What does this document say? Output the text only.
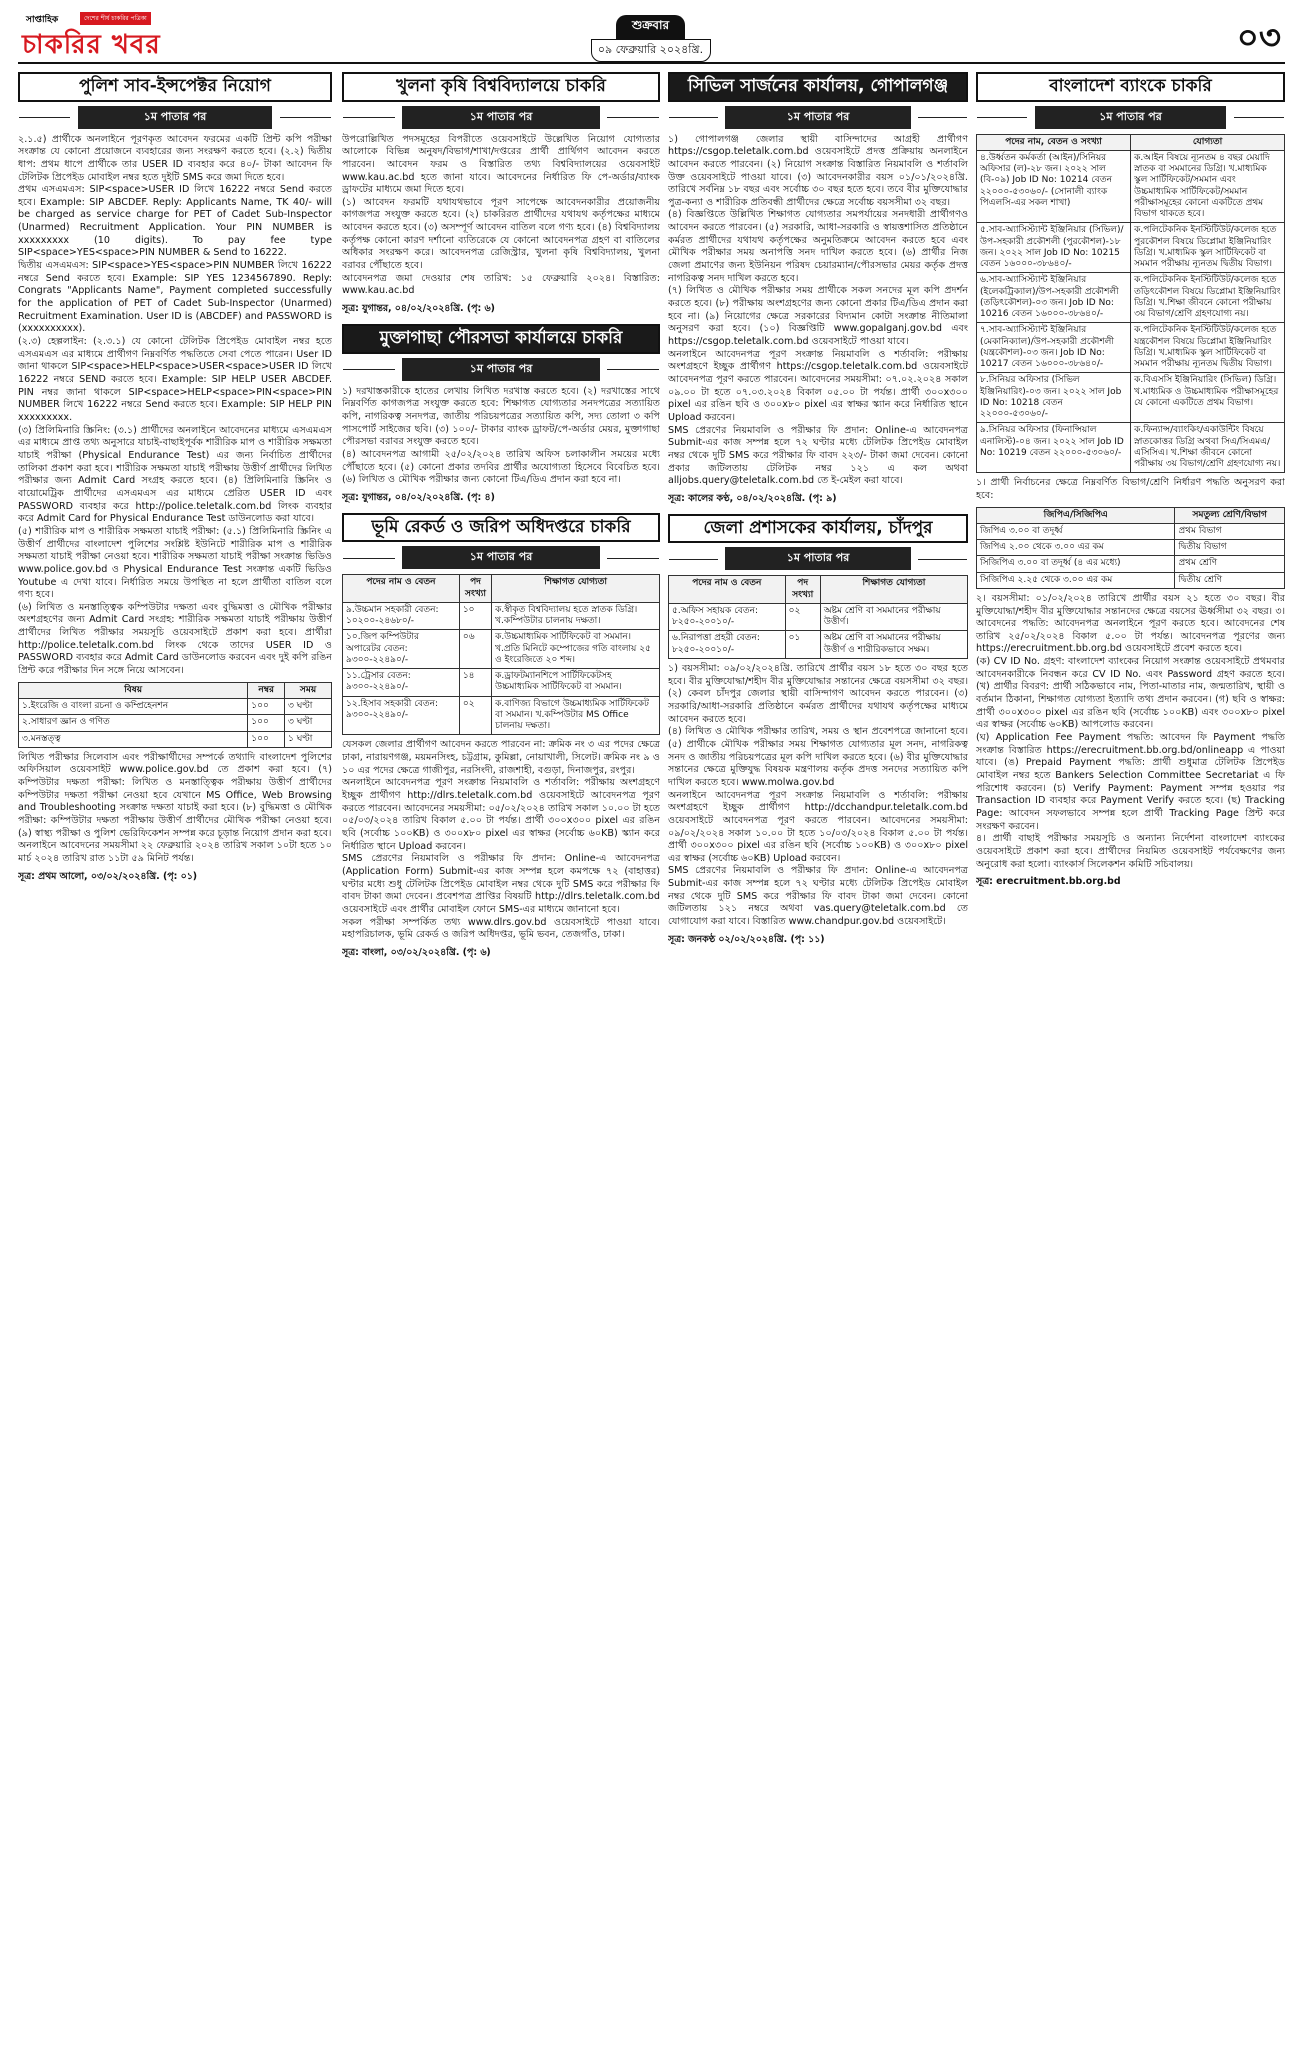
সাপ্তাহিক	দেশের শীর্ষ চাকরির পত্রিকা
চাকরির খবর
শুক্রবার
০৯ ফেব্রুয়ারি ২০২৪খ্রি.	০৩
পুলিশ সাব-ইন্সপেক্টর নিয়োগ
১ম পাতার পর

২.১.৫) প্রার্থীকে অনলাইনে পূরণকৃত আবেদন ফরমের একটি প্রিন্ট কপি পরীক্ষা সংক্রান্ত যে কোনো প্রয়োজনে ব্যবহারের জন্য সংরক্ষণ করতে হবে। (২.২) দ্বিতীয় ধাপ: প্রথম ধাপে প্রার্থীকে তার USER ID ব্যবহার করে ৪০/- টাকা আবেদন ফি টেলিটক প্রিপেইড মোবাইল নম্বর হতে দুইটি SMS করে জমা দিতে হবে।

প্রথম এসএমএস: SIP<space>USER ID লিখে 16222 নম্বরে Send করতে হবে। Example: SIP ABCDEF. Reply: Applicants Name, TK 40/- will be charged as service charge for PET of Cadet Sub-Inspector (Unarmed) Recruitment Application. Your PIN NUMBER is xxxxxxxxx (10 digits). To pay fee type SIP<space>YES<space>PIN NUMBER & Send to 16222.

দ্বিতীয় এসএমএস: SIP<space>YES<space>PIN NUMBER লিখে 16222 নম্বরে Send করতে হবে। Example: SIP YES 1234567890. Reply: Congrats "Applicants Name", Payment completed successfully for the application of PET of Cadet Sub-Inspector (Unarmed) Recruitment Examination. User ID is (ABCDEF) and PASSWORD is (xxxxxxxxxx).

(২.৩) হেল্পলাইন: (২.৩.১) যে কোনো টেলিটক প্রিপেইড মোবাইল নম্বর হতে এসএমএস এর মাধ্যমে প্রার্থীগণ নিম্নবর্ণিত পদ্ধতিতে সেবা পেতে পারেন। User ID জানা থাকলে SIP<space>HELP<space>USER<space>USER ID লিখে 16222 নম্বরে SEND করতে হবে। Example: SIP HELP USER ABCDEF. PIN নম্বর জানা থাকলে SIP<space>HELP<space>PIN<space>PIN NUMBER লিখে 16222 নম্বরে Send করতে হবে। Example: SIP HELP PIN xxxxxxxxx.

(৩) প্রিলিমিনারি স্ক্রিনিং: (৩.১) প্রার্থীদের অনলাইনে আবেদনের মাধ্যমে এসএমএস এর মাধ্যমে প্রাপ্ত তথ্য অনুসারে যাচাই-বাছাইপূর্বক শারীরিক মাপ ও শারীরিক সক্ষমতা যাচাই পরীক্ষা (Physical Endurance Test) এর জন্য নির্বাচিত প্রার্থীদের তালিকা প্রকাশ করা হবে। শারীরিক সক্ষমতা যাচাই পরীক্ষায় উত্তীর্ণ প্রার্থীদের লিখিত পরীক্ষার জন্য Admit Card সংগ্রহ করতে হবে। (৪) প্রিলিমিনারি স্ক্রিনিং ও বায়োমেট্রিক প্রার্থীদের এসএমএস এর মাধ্যমে প্রেরিত USER ID এবং PASSWORD ব্যবহার করে http://police.teletalk.com.bd লিংক ব্যবহার করে Admit Card for Physical Endurance Test ডাউনলোড করা যাবে।

(৫) শারীরিক মাপ ও শারীরিক সক্ষমতা যাচাই পরীক্ষা: (৫.১) প্রিলিমিনারি স্ক্রিনিং এ উত্তীর্ণ প্রার্থীদের বাংলাদেশ পুলিশের সংশ্লিষ্ট ইউনিটে শারীরিক মাপ ও শারীরিক সক্ষমতা যাচাই পরীক্ষা নেওয়া হবে। শারীরিক সক্ষমতা যাচাই পরীক্ষা সংক্রান্ত ভিডিও www.police.gov.bd ও Physical Endurance Test সংক্রান্ত একটি ভিডিও Youtube এ দেখা যাবে। নির্ধারিত সময়ে উপস্থিত না হলে প্রার্থীতা বাতিল বলে গণ্য হবে।

(৬) লিখিত ও মনস্তাত্ত্বিক কম্পিউটার দক্ষতা এবং বুদ্ধিমত্তা ও মৌখিক পরীক্ষার অংশগ্রহণের জন্য Admit Card সংগ্রহ: শারীরিক সক্ষমতা যাচাই পরীক্ষায় উত্তীর্ণ প্রার্থীদের লিখিত পরীক্ষার সময়সূচি ওয়েবসাইটে প্রকাশ করা হবে। প্রার্থীরা http://police.teletalk.com.bd লিংক থেকে তাদের USER ID ও PASSWORD ব্যবহার করে Admit Card ডাউনলোড করবেন এবং দুই কপি রঙিন প্রিন্ট করে পরীক্ষার দিন সঙ্গে নিয়ে আসবেন।

বিষয়	নম্বর	সময়
১.ইংরেজি ও বাংলা রচনা ও কম্প্রিহেনশন	১০০	৩ ঘণ্টা
২.সাধারণ জ্ঞান ও গণিত	১০০	৩ ঘণ্টা
৩.মনস্তত্ত্ব	১০০	১ ঘণ্টা

লিখিত পরীক্ষার সিলেবাস এবং পরীক্ষার্থীদের সম্পর্কে তথ্যাদি বাংলাদেশ পুলিশের অফিসিয়াল ওয়েবসাইট www.police.gov.bd তে প্রকাশ করা হবে। (৭) কম্পিউটার দক্ষতা পরীক্ষা: লিখিত ও মনস্তাত্ত্বিক পরীক্ষায় উত্তীর্ণ প্রার্থীদের কম্পিউটার দক্ষতা পরীক্ষা নেওয়া হবে যেখানে MS Office, Web Browsing and Troubleshooting সংক্রান্ত দক্ষতা যাচাই করা হবে। (৮) বুদ্ধিমত্তা ও মৌখিক পরীক্ষা: কম্পিউটার দক্ষতা পরীক্ষায় উত্তীর্ণ প্রার্থীদের মৌখিক পরীক্ষা নেওয়া হবে। (৯) স্বাস্থ্য পরীক্ষা ও পুলিশ ভেরিফিকেশন সম্পন্ন করে চূড়ান্ত নিয়োগ প্রদান করা হবে।

অনলাইনে আবেদনের সময়সীমা ২২ ফেব্রুয়ারি ২০২৪ তারিখ সকাল ১০টা হতে ১০ মার্চ ২০২৪ তারিখ রাত ১১টা ৫৯ মিনিট পর্যন্ত।

সূত্র: প্রথম আলো, ০৩/০২/২০২৪খ্রি. (পৃ: ০১)

খুলনা কৃষি বিশ্ববিদ্যালয়ে চাকরি
১ম পাতার পর

উপরোল্লিখিত পদসমূহের বিপরীতে ওয়েবসাইটে উল্লেখিত নিয়োগ যোগ্যতার আলোকে বিভিন্ন অনুষদ/বিভাগ/শাখা/দপ্তরের প্রার্থী প্রার্থিগণ আবেদন করতে পারবেন। আবেদন ফরম ও বিস্তারিত তথ্য বিশ্ববিদ্যালয়ের ওয়েবসাইট www.kau.ac.bd হতে জানা যাবে। আবেদনের নির্ধারিত ফি পে-অর্ডার/ব্যাংক ড্রাফটের মাধ্যমে জমা দিতে হবে।

(১) আবেদন ফরমটি যথাযথভাবে পূরণ সাপেক্ষে আবেদনকারীর প্রয়োজনীয় কাগজপত্র সংযুক্ত করতে হবে। (২) চাকরিরত প্রার্থীদের যথাযথ কর্তৃপক্ষের মাধ্যমে আবেদন করতে হবে। (৩) অসম্পূর্ণ আবেদন বাতিল বলে গণ্য হবে। (৪) বিশ্ববিদ্যালয় কর্তৃপক্ষ কোনো কারণ দর্শানো ব্যতিরেকে যে কোনো আবেদনপত্র গ্রহণ বা বাতিলের অধিকার সংরক্ষণ করে। আবেদনপত্র রেজিস্ট্রার, খুলনা কৃষি বিশ্ববিদ্যালয়, খুলনা বরাবর পৌঁছাতে হবে।

আবেদনপত্র জমা দেওয়ার শেষ তারিখ: ১৫ ফেব্রুয়ারি ২০২৪। বিস্তারিত: www.kau.ac.bd

সূত্র: যুগান্তর, ০৪/০২/২০২৪খ্রি. (পৃ: ৬)

মুক্তাগাছা পৌরসভা কার্যালয়ে চাকরি
১ম পাতার পর

১) দরখাস্তকারীকে হাতের লেখায় লিখিত দরখাস্ত করতে হবে। (২) দরখাস্তের সাথে নিম্নবর্ণিত কাগজপত্র সংযুক্ত করতে হবে: শিক্ষাগত যোগ্যতার সনদপত্রের সত্যায়িত কপি, নাগরিকত্ব সনদপত্র, জাতীয় পরিচয়পত্রের সত্যায়িত কপি, সদ্য তোলা ৩ কপি পাসপোর্ট সাইজের ছবি। (৩) ১০০/- টাকার ব্যাংক ড্রাফট/পে-অর্ডার মেয়র, মুক্তাগাছা পৌরসভা বরাবর সংযুক্ত করতে হবে।

(৪) আবেদনপত্র আগামী ২৫/০২/২০২৪ তারিখ অফিস চলাকালীন সময়ের মধ্যে পৌঁছাতে হবে। (৫) কোনো প্রকার তদবির প্রার্থীর অযোগ্যতা হিসেবে বিবেচিত হবে। (৬) লিখিত ও মৌখিক পরীক্ষার জন্য কোনো টিএ/ডিএ প্রদান করা হবে না।

সূত্র: যুগান্তর, ০৪/০২/২০২৪খ্রি. (পৃ: ৪)

ভূমি রেকর্ড ও জরিপ অধিদপ্তরে চাকরি
১ম পাতার পর
পদের নাম ও বেতন	পদ সংখ্যা	শিক্ষাগত যোগ্যতা
৯.উচ্চমান সহকারী বেতন: ১০২০০-২৪৬৮০/-	১০	ক.স্বীকৃত বিশ্ববিদ্যালয় হতে স্নাতক ডিগ্রি। খ.কম্পিউটার চালনায় দক্ষতা।
১০.জিপ কম্পিউটার অপারেটর বেতন: ৯৩০০-২২৪৯০/-	০৬	ক.উচ্চমাধ্যমিক সার্টিফিকেট বা সমমান। খ.প্রতি মিনিটে কম্পোজের গতি বাংলায় ২৫ ও ইংরেজিতে ২০ শব্দ।
১১.ট্রেসার বেতন: ৯৩০০-২২৪৯০/-	১৪	ক.ড্রাফটম্যানশিপে সার্টিফিকেটসহ উচ্চমাধ্যমিক সার্টিফিকেট বা সমমান।
১২.হিসাব সহকারী বেতন: ৯৩০০-২২৪৯০/-	০২	ক.বাণিজ্য বিভাগে উচ্চমাধ্যমিক সার্টিফিকেট বা সমমান। খ.কম্পিউটার MS Office চালনায় দক্ষতা।

যেসকল জেলার প্রার্থীগণ আবেদন করতে পারবেন না: ক্রমিক নং ৩ এর পদের ক্ষেত্রে ঢাকা, নারায়ণগঞ্জ, ময়মনসিংহ, চট্টগ্রাম, কুমিল্লা, নোয়াখালী, সিলেট। ক্রমিক নং ৯ ও ১০ এর পদের ক্ষেত্রে গাজীপুর, নরসিংদী, রাজশাহী, বগুড়া, দিনাজপুর, রংপুর।

অনলাইনে আবেদনপত্র পূরণ সংক্রান্ত নিয়মাবলি ও শর্তাবলি: পরীক্ষায় অংশগ্রহণে ইচ্ছুক প্রার্থীগণ http://dlrs.teletalk.com.bd ওয়েবসাইটে আবেদনপত্র পূরণ করতে পারবেন। আবেদনের সময়সীমা: ০৫/০২/২০২৪ তারিখ সকাল ১০.০০ টা হতে ০৫/০৩/২০২৪ তারিখ বিকাল ৫.০০ টা পর্যন্ত। প্রার্থী ৩০০x৩০০ pixel এর রঙিন ছবি (সর্বোচ্চ ১০০KB) ও ৩০০x৮০ pixel এর স্বাক্ষর (সর্বোচ্চ ৬০KB) স্ক্যান করে নির্ধারিত স্থানে Upload করবেন।

SMS প্রেরণের নিয়মাবলি ও পরীক্ষার ফি প্রদান: Online-এ আবেদনপত্র (Application Form) Submit-এর কাজ সম্পন্ন হলে কমপক্ষে ৭২ (বাহাত্তর) ঘণ্টার মধ্যে শুধু টেলিটক প্রিপেইড মোবাইল নম্বর থেকে দুটি SMS করে পরীক্ষার ফি বাবদ টাকা জমা দেবেন। প্রবেশপত্র প্রাপ্তির বিষয়টি http://dlrs.teletalk.com.bd ওয়েবসাইটে এবং প্রার্থীর মোবাইল ফোনে SMS-এর মাধ্যমে জানানো হবে।

সকল পরীক্ষা সম্পর্কিত তথ্য www.dlrs.gov.bd ওয়েবসাইটে পাওয়া যাবে। মহাপরিচালক, ভূমি রেকর্ড ও জরিপ অধিদপ্তর, ভূমি ভবন, তেজগাঁও, ঢাকা।

সূত্র: বাংলা, ০৩/০২/২০২৪খ্রি. (পৃ: ৬)

সিভিল সার্জনের কার্যালয়, গোপালগঞ্জ
১ম পাতার পর

১) গোপালগঞ্জ জেলার স্থায়ী বাসিন্দাদের আগ্রহী প্রার্থীগণ https://csgop.teletalk.com.bd ওয়েবসাইটে প্রদত্ত প্রক্রিয়ায় অনলাইনে আবেদন করতে পারবেন। (২) নিয়োগ সংক্রান্ত বিস্তারিত নিয়মাবলি ও শর্তাবলি উক্ত ওয়েবসাইটে পাওয়া যাবে। (৩) আবেদনকারীর বয়স ০১/০১/২০২৪খ্রি. তারিখে সর্বনিম্ন ১৮ বছর এবং সর্বোচ্চ ৩০ বছর হতে হবে। তবে বীর মুক্তিযোদ্ধার পুত্র-কন্যা ও শারীরিক প্রতিবন্ধী প্রার্থীদের ক্ষেত্রে সর্বোচ্চ বয়সসীমা ৩২ বছর।

(৪) বিজ্ঞপ্তিতে উল্লিখিত শিক্ষাগত যোগ্যতার সমপর্যায়ের সনদধারী প্রার্থীগণও আবেদন করতে পারবেন। (৫) সরকারি, আধা-সরকারি ও স্বায়ত্তশাসিত প্রতিষ্ঠানে কর্মরত প্রার্থীদের যথাযথ কর্তৃপক্ষের অনুমতিক্রমে আবেদন করতে হবে এবং মৌখিক পরীক্ষার সময় অনাপত্তি সনদ দাখিল করতে হবে। (৬) প্রার্থীর নিজ জেলা প্রমাণের জন্য ইউনিয়ন পরিষদ চেয়ারম্যান/পৌরসভার মেয়র কর্তৃক প্রদত্ত নাগরিকত্ব সনদ দাখিল করতে হবে।

(৭) লিখিত ও মৌখিক পরীক্ষার সময় প্রার্থীকে সকল সনদের মূল কপি প্রদর্শন করতে হবে। (৮) পরীক্ষায় অংশগ্রহণের জন্য কোনো প্রকার টিএ/ডিএ প্রদান করা হবে না। (৯) নিয়োগের ক্ষেত্রে সরকারের বিদ্যমান কোটা সংক্রান্ত নীতিমালা অনুসরণ করা হবে। (১০) বিজ্ঞপ্তিটি www.gopalganj.gov.bd এবং https://csgop.teletalk.com.bd ওয়েবসাইটে পাওয়া যাবে।

অনলাইনে আবেদনপত্র পূরণ সংক্রান্ত নিয়মাবলি ও শর্তাবলি: পরীক্ষায় অংশগ্রহণে ইচ্ছুক প্রার্থীগণ https://csgop.teletalk.com.bd ওয়েবসাইটে আবেদনপত্র পূরণ করতে পারবেন। আবেদনের সময়সীমা: ০৭.০২.২০২৪ সকাল ০৯.০০ টা হতে ০৭.০৩.২০২৪ বিকাল ০৫.০০ টা পর্যন্ত। প্রার্থী ৩০০x৩০০ pixel এর রঙিন ছবি ও ৩০০x৮০ pixel এর স্বাক্ষর স্ক্যান করে নির্ধারিত স্থানে Upload করবেন।

SMS প্রেরণের নিয়মাবলি ও পরীক্ষার ফি প্রদান: Online-এ আবেদনপত্র Submit-এর কাজ সম্পন্ন হলে ৭২ ঘণ্টার মধ্যে টেলিটক প্রিপেইড মোবাইল নম্বর থেকে দুটি SMS করে পরীক্ষার ফি বাবদ ২২৩/- টাকা জমা দেবেন। কোনো প্রকার জটিলতায় টেলিটক নম্বর ১২১ এ কল অথবা alljobs.query@teletalk.com.bd তে ই-মেইল করা যাবে।

সূত্র: কালের কণ্ঠ, ০৪/০২/২০২৪খ্রি. (পৃ: ৯)

জেলা প্রশাসকের কার্যালয়, চাঁদপুর
১ম পাতার পর
পদের নাম ও বেতন	পদ সংখ্যা	শিক্ষাগত যোগ্যতা
৫.অফিস সহায়ক বেতন: ৮২৫০-২০০১০/-	০২	অষ্টম শ্রেণি বা সমমানের পরীক্ষায় উত্তীর্ণ।
৬.নিরাপত্তা প্রহরী বেতন: ৮২৫০-২০০১০/-	০১	অষ্টম শ্রেণি বা সমমানের পরীক্ষায় উত্তীর্ণ ও শারীরিকভাবে সক্ষম।

১) বয়সসীমা: ০৯/০২/২০২৪খ্রি. তারিখে প্রার্থীর বয়স ১৮ হতে ৩০ বছর হতে হবে। বীর মুক্তিযোদ্ধা/শহীদ বীর মুক্তিযোদ্ধার সন্তানের ক্ষেত্রে বয়সসীমা ৩২ বছর। (২) কেবল চাঁদপুর জেলার স্থায়ী বাসিন্দাগণ আবেদন করতে পারবেন। (৩) সরকারি/আধা-সরকারি প্রতিষ্ঠানে কর্মরত প্রার্থীদের যথাযথ কর্তৃপক্ষের মাধ্যমে আবেদন করতে হবে।

(৪) লিখিত ও মৌখিক পরীক্ষার তারিখ, সময় ও স্থান প্রবেশপত্রে জানানো হবে। (৫) প্রার্থীকে মৌখিক পরীক্ষার সময় শিক্ষাগত যোগ্যতার মূল সনদ, নাগরিকত্ব সনদ ও জাতীয় পরিচয়পত্রের মূল কপি দাখিল করতে হবে। (৬) বীর মুক্তিযোদ্ধার সন্তানের ক্ষেত্রে মুক্তিযুদ্ধ বিষয়ক মন্ত্রণালয় কর্তৃক প্রদত্ত সনদের সত্যায়িত কপি দাখিল করতে হবে। www.molwa.gov.bd

অনলাইনে আবেদনপত্র পূরণ সংক্রান্ত নিয়মাবলি ও শর্তাবলি: পরীক্ষায় অংশগ্রহণে ইচ্ছুক প্রার্থীগণ http://dcchandpur.teletalk.com.bd ওয়েবসাইটে আবেদনপত্র পূরণ করতে পারবেন। আবেদনের সময়সীমা: ০৯/০২/২০২৪ সকাল ১০.০০ টা হতে ১০/০৩/২০২৪ বিকাল ৫.০০ টা পর্যন্ত। প্রার্থী ৩০০x৩০০ pixel এর রঙিন ছবি (সর্বোচ্চ ১০০KB) ও ৩০০x৮০ pixel এর স্বাক্ষর (সর্বোচ্চ ৬০KB) Upload করবেন।

SMS প্রেরণের নিয়মাবলি ও পরীক্ষার ফি প্রদান: Online-এ আবেদনপত্র Submit-এর কাজ সম্পন্ন হলে ৭২ ঘণ্টার মধ্যে টেলিটক প্রিপেইড মোবাইল নম্বর থেকে দুটি SMS করে পরীক্ষার ফি বাবদ টাকা জমা দেবেন। কোনো জটিলতায় ১২১ নম্বরে অথবা vas.query@teletalk.com.bd তে যোগাযোগ করা যাবে। বিস্তারিত www.chandpur.gov.bd ওয়েবসাইটে।

সূত্র: জনকণ্ঠ ০২/০২/২০২৪খ্রি. (পৃ: ১১)

বাংলাদেশ ব্যাংকে চাকরি
১ম পাতার পর
পদের নাম, বেতন ও সংখ্যা	যোগ্যতা
৪.উর্ধ্বতন কর্মকর্তা (আইন)/সিনিয়র অফিসার (ল)-২৮ জন। ২০২২ সাল (বি-০৯) Job ID No: 10214 বেতন ২২০০০-৫৩০৬০/- (সোনালী ব্যাংক পিএলসি-এর সকল শাখা)	ক.আইন বিষয়ে ন্যূনতম ৪ বছর মেয়াদি স্নাতক বা সমমানের ডিগ্রি। খ.মাধ্যমিক স্কুল সার্টিফিকেট/সমমান এবং উচ্চমাধ্যমিক সার্টিফিকেট/সমমান পরীক্ষাসমূহের কোনো একটিতে প্রথম বিভাগ থাকতে হবে।
৫.সাব-অ্যাসিস্ট্যান্ট ইঞ্জিনিয়ার (সিভিল)/উপ-সহকারী প্রকৌশলী (পুরকৌশল)-১৮ জন। ২০২২ সাল Job ID No: 10215 বেতন ১৬০০০-৩৮৬৪০/-	ক.পলিটেকনিক ইনস্টিটিউট/কলেজ হতে পুরকৌশল বিষয়ে ডিপ্লোমা ইঞ্জিনিয়ারিং ডিগ্রি। খ.মাধ্যমিক স্কুল সার্টিফিকেট বা সমমান পরীক্ষায় ন্যূনতম দ্বিতীয় বিভাগ।
৬.সাব-অ্যাসিস্ট্যান্ট ইঞ্জিনিয়ার (ইলেকট্রিক্যাল)/উপ-সহকারী প্রকৌশলী (তড়িৎকৌশল)-০৩ জন। Job ID No: 10216 বেতন ১৬০০০-৩৮৬৪০/-	ক.পলিটেকনিক ইনস্টিটিউট/কলেজ হতে তড়িৎকৌশল বিষয়ে ডিপ্লোমা ইঞ্জিনিয়ারিং ডিগ্রি। খ.শিক্ষা জীবনে কোনো পরীক্ষায় ৩য় বিভাগ/শ্রেণি গ্রহণযোগ্য নয়।
৭.সাব-অ্যাসিস্ট্যান্ট ইঞ্জিনিয়ার (মেকানিক্যাল)/উপ-সহকারী প্রকৌশলী (যন্ত্রকৌশল)-০৩ জন। Job ID No: 10217 বেতন ১৬০০০-৩৮৬৪০/-	ক.পলিটেকনিক ইনস্টিটিউট/কলেজ হতে যন্ত্রকৌশল বিষয়ে ডিপ্লোমা ইঞ্জিনিয়ারিং ডিগ্রি। খ.মাধ্যমিক স্কুল সার্টিফিকেট বা সমমান পরীক্ষায় ন্যূনতম দ্বিতীয় বিভাগ।
৮.সিনিয়র অফিসার (সিভিল ইঞ্জিনিয়ারিং)-০৩ জন। ২০২২ সাল Job ID No: 10218 বেতন ২২০০০-৫৩০৬০/-	ক.বিএসসি ইঞ্জিনিয়ারিং (সিভিল) ডিগ্রি। খ.মাধ্যমিক ও উচ্চমাধ্যমিক পরীক্ষাসমূহের যে কোনো একটিতে প্রথম বিভাগ।
৯.সিনিয়র অফিসার (ফিনান্সিয়াল এনালিস্ট)-০৪ জন। ২০২২ সাল Job ID No: 10219 বেতন ২২০০০-৫৩০৬০/-	ক.ফিন্যান্স/ব্যাংকিং/একাউন্টিং বিষয়ে স্নাতকোত্তর ডিগ্রি অথবা সিএ/সিএমএ/এসিসিএ। খ.শিক্ষা জীবনে কোনো পরীক্ষায় ৩য় বিভাগ/শ্রেণি গ্রহণযোগ্য নয়।

১। প্রার্থী নির্বাচনের ক্ষেত্রে নিম্নবর্ণিত বিভাগ/শ্রেণি নির্ধারণ পদ্ধতি অনুসরণ করা হবে:

জিপিএ/সিজিপিএ	সমতুল্য শ্রেণি/বিভাগ
জিপিএ ৩.০০ বা তদূর্ধ্ব	প্রথম বিভাগ
জিপিএ ২.০০ থেকে ৩.০০ এর কম	দ্বিতীয় বিভাগ
সিজিপিএ ৩.০০ বা তদূর্ধ্ব (৪ এর মধ্যে)	প্রথম শ্রেণি
সিজিপিএ ২.২৫ থেকে ৩.০০ এর কম	দ্বিতীয় শ্রেণি

২। বয়সসীমা: ০১/০২/২০২৪ তারিখে প্রার্থীর বয়স ২১ হতে ৩০ বছর। বীর মুক্তিযোদ্ধা/শহীদ বীর মুক্তিযোদ্ধার সন্তানদের ক্ষেত্রে বয়সের ঊর্ধ্বসীমা ৩২ বছর। ৩। আবেদনের পদ্ধতি: আবেদনপত্র অনলাইনে পূরণ করতে হবে। আবেদনের শেষ তারিখ ২৫/০২/২০২৪ বিকাল ৫.০০ টা পর্যন্ত। আবেদনপত্র পূরণের জন্য https://erecruitment.bb.org.bd ওয়েবসাইটে প্রবেশ করতে হবে।

(ক) CV ID No. গ্রহণ: বাংলাদেশ ব্যাংকের নিয়োগ সংক্রান্ত ওয়েবসাইটে প্রথমবার আবেদনকারীকে নিবন্ধন করে CV ID No. এবং Password গ্রহণ করতে হবে। (খ) প্রার্থীর বিবরণ: প্রার্থী সঠিকভাবে নাম, পিতা-মাতার নাম, জন্মতারিখ, স্থায়ী ও বর্তমান ঠিকানা, শিক্ষাগত যোগ্যতা ইত্যাদি তথ্য প্রদান করবেন। (গ) ছবি ও স্বাক্ষর: প্রার্থী ৩০০x৩০০ pixel এর রঙিন ছবি (সর্বোচ্চ ১০০KB) এবং ৩০০x৮০ pixel এর স্বাক্ষর (সর্বোচ্চ ৬০KB) আপলোড করবেন।

(ঘ) Application Fee Payment পদ্ধতি: আবেদন ফি Payment পদ্ধতি সংক্রান্ত বিস্তারিত https://erecruitment.bb.org.bd/onlineapp এ পাওয়া যাবে। (ঙ) Prepaid Payment পদ্ধতি: প্রার্থী শুধুমাত্র টেলিটক প্রিপেইড মোবাইল নম্বর হতে Bankers Selection Committee Secretariat এ ফি পরিশোধ করবেন। (চ) Verify Payment: Payment সম্পন্ন হওয়ার পর Transaction ID ব্যবহার করে Payment Verify করতে হবে। (ছ) Tracking Page: আবেদন সফলভাবে সম্পন্ন হলে প্রার্থী Tracking Page প্রিন্ট করে সংরক্ষণ করবেন।

৪। প্রার্থী বাছাই পরীক্ষার সময়সূচি ও অন্যান্য নির্দেশনা বাংলাদেশ ব্যাংকের ওয়েবসাইটে প্রকাশ করা হবে। প্রার্থীদের নিয়মিত ওয়েবসাইট পর্যবেক্ষণের জন্য অনুরোধ করা হলো। ব্যাংকার্স সিলেকশন কমিটি সচিবালয়।

সূত্র: erecruitment.bb.org.bd
